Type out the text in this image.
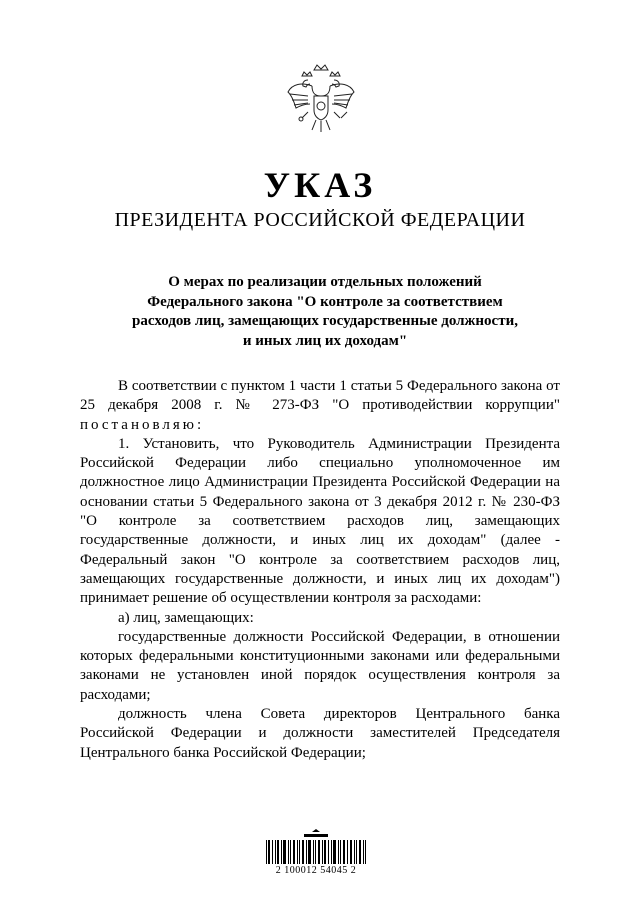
УКАЗ
ПРЕЗИДЕНТА РОССИЙСКОЙ ФЕДЕРАЦИИ
О мерах по реализации отдельных положений
Федерального закона "О контроле за соответствием
расходов лиц, замещающих государственные должности,
и иных лиц их доходам"

В соответствии с пунктом 1 части 1 статьи 5 Федерального закона от 25 декабря 2008 г. № 273-ФЗ "О противодействии коррупции" постановляю:

1. Установить, что Руководитель Администрации Президента Российской Федерации либо специально уполномоченное им должностное лицо Администрации Президента Российской Федерации на основании статьи 5 Федерального закона от 3 декабря 2012 г. № 230-ФЗ "О контроле за соответствием расходов лиц, замещающих государственные должности, и иных лиц их доходам" (далее - Федеральный закон "О контроле за соответствием расходов лиц, замещающих государственные должности, и иных лиц их доходам") принимает решение об осуществлении контроля за расходами:

а) лиц, замещающих:

государственные должности Российской Федерации, в отношении которых федеральными конституционными законами или федеральными законами не установлен иной порядок осуществления контроля за расходами;

должность члена Совета директоров Центрального банка Российской Федерации и должности заместителей Председателя Центрального банка Российской Федерации;

2 100012 54045 2
